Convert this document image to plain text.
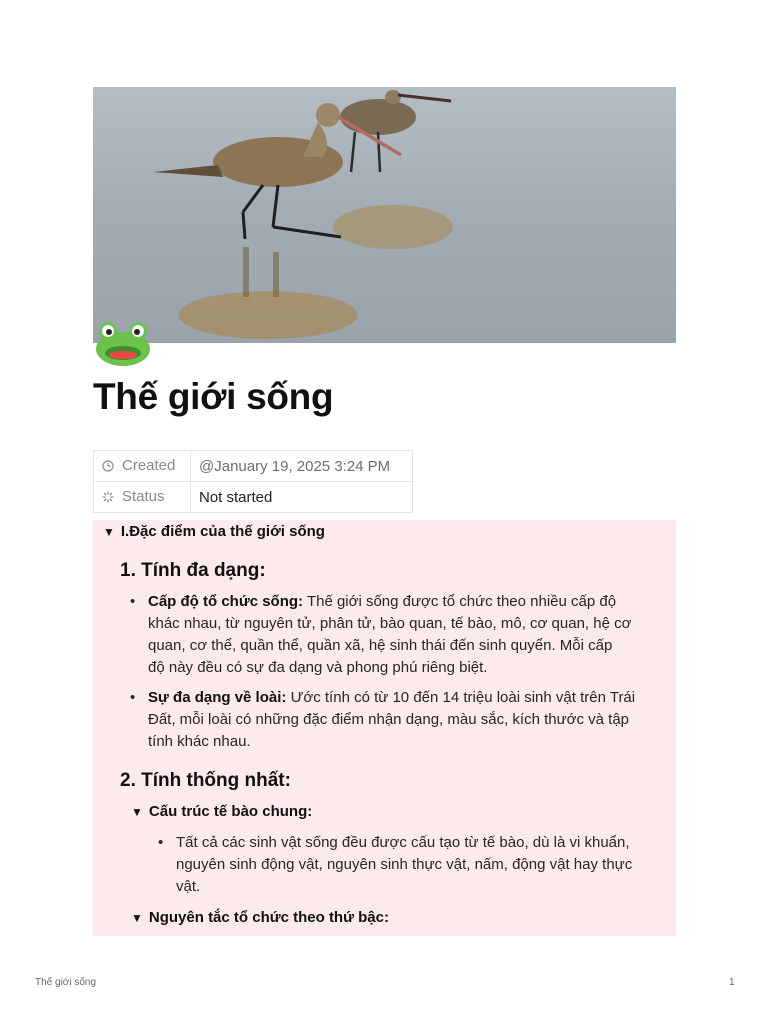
Thế giới sống
Created	@January 19, 2025 3:24 PM
Status	Not started
▼ I.Đặc điểm của thế giới sống
1. Tính đa dạng:
• Cấp độ tổ chức sống: Thế giới sống được tổ chức theo nhiều cấp độ
khác nhau, từ nguyên tử, phân tử, bào quan, tế bào, mô, cơ quan, hệ cơ
quan, cơ thể, quần thể, quần xã, hệ sinh thái đến sinh quyển. Mỗi cấp
độ này đều có sự đa dạng và phong phú riêng biệt.
• Sự đa dạng về loài: Ước tính có từ 10 đến 14 triệu loài sinh vật trên Trái
Đất, mỗi loài có những đặc điểm nhận dạng, màu sắc, kích thước và tập
tính khác nhau.
2. Tính thống nhất:
▼ Cấu trúc tế bào chung:
• Tất cả các sinh vật sống đều được cấu tạo từ tế bào, dù là vi khuẩn,
nguyên sinh động vật, nguyên sinh thực vật, nấm, động vật hay thực
vật.
▼ Nguyên tắc tổ chức theo thứ bậc:
Thế giới sống	1
